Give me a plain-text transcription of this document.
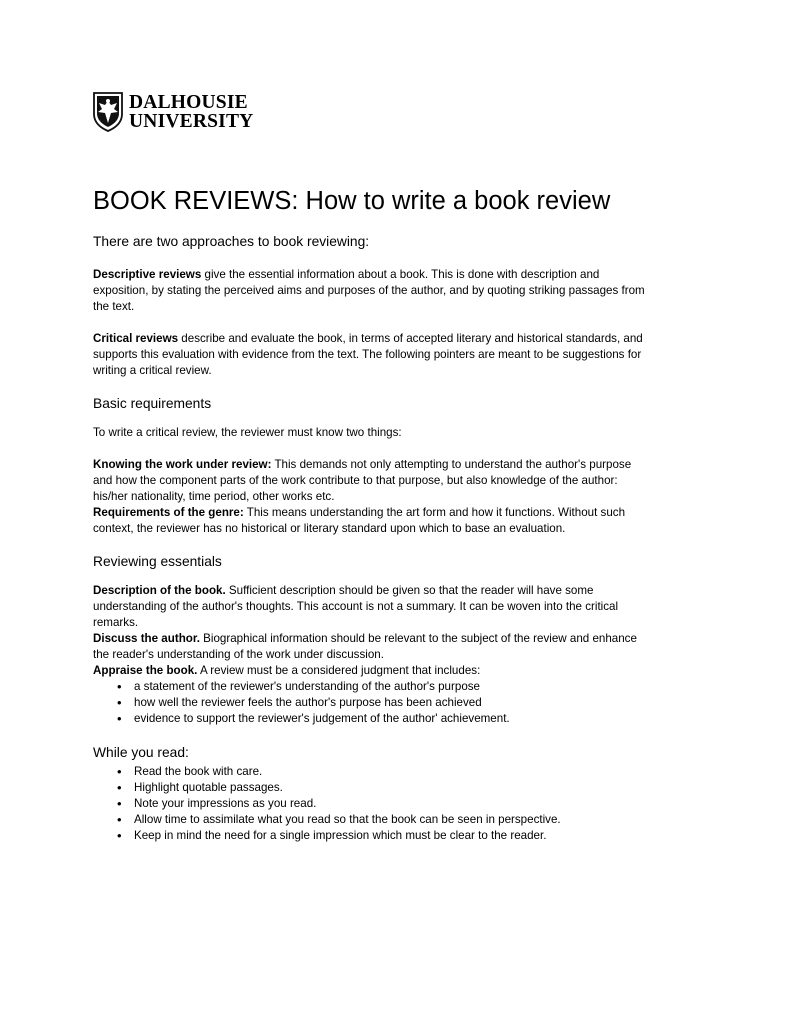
DALHOUSIE
UNIVERSITY
BOOK REVIEWS: How to write a book review
There are two approaches to book reviewing:

Descriptive reviews give the essential information about a book. This is done with description and exposition, by stating the perceived aims and purposes of the author, and by quoting striking passages from the text.

Critical reviews describe and evaluate the book, in terms of accepted literary and historical standards, and supports this evaluation with evidence from the text. The following pointers are meant to be suggestions for writing a critical review.

Basic requirements

To write a critical review, the reviewer must know two things:

Knowing the work under review: This demands not only attempting to understand the author's purpose and how the component parts of the work contribute to that purpose, but also knowledge of the author: his/her nationality, time period, other works etc.

Requirements of the genre: This means understanding the art form and how it functions. Without such context, the reviewer has no historical or literary standard upon which to base an evaluation.

Reviewing essentials

Description of the book. Sufficient description should be given so that the reader will have some understanding of the author's thoughts. This account is not a summary. It can be woven into the critical remarks.

Discuss the author. Biographical information should be relevant to the subject of the review and enhance the reader's understanding of the work under discussion.

Appraise the book. A review must be a considered judgment that includes:

• a statement of the reviewer's understanding of the author's purpose
• how well the reviewer feels the author's purpose has been achieved
• evidence to support the reviewer's judgement of the author' achievement.
While you read:
• Read the book with care.
• Highlight quotable passages.
• Note your impressions as you read.
• Allow time to assimilate what you read so that the book can be seen in perspective.
• Keep in mind the need for a single impression which must be clear to the reader.
